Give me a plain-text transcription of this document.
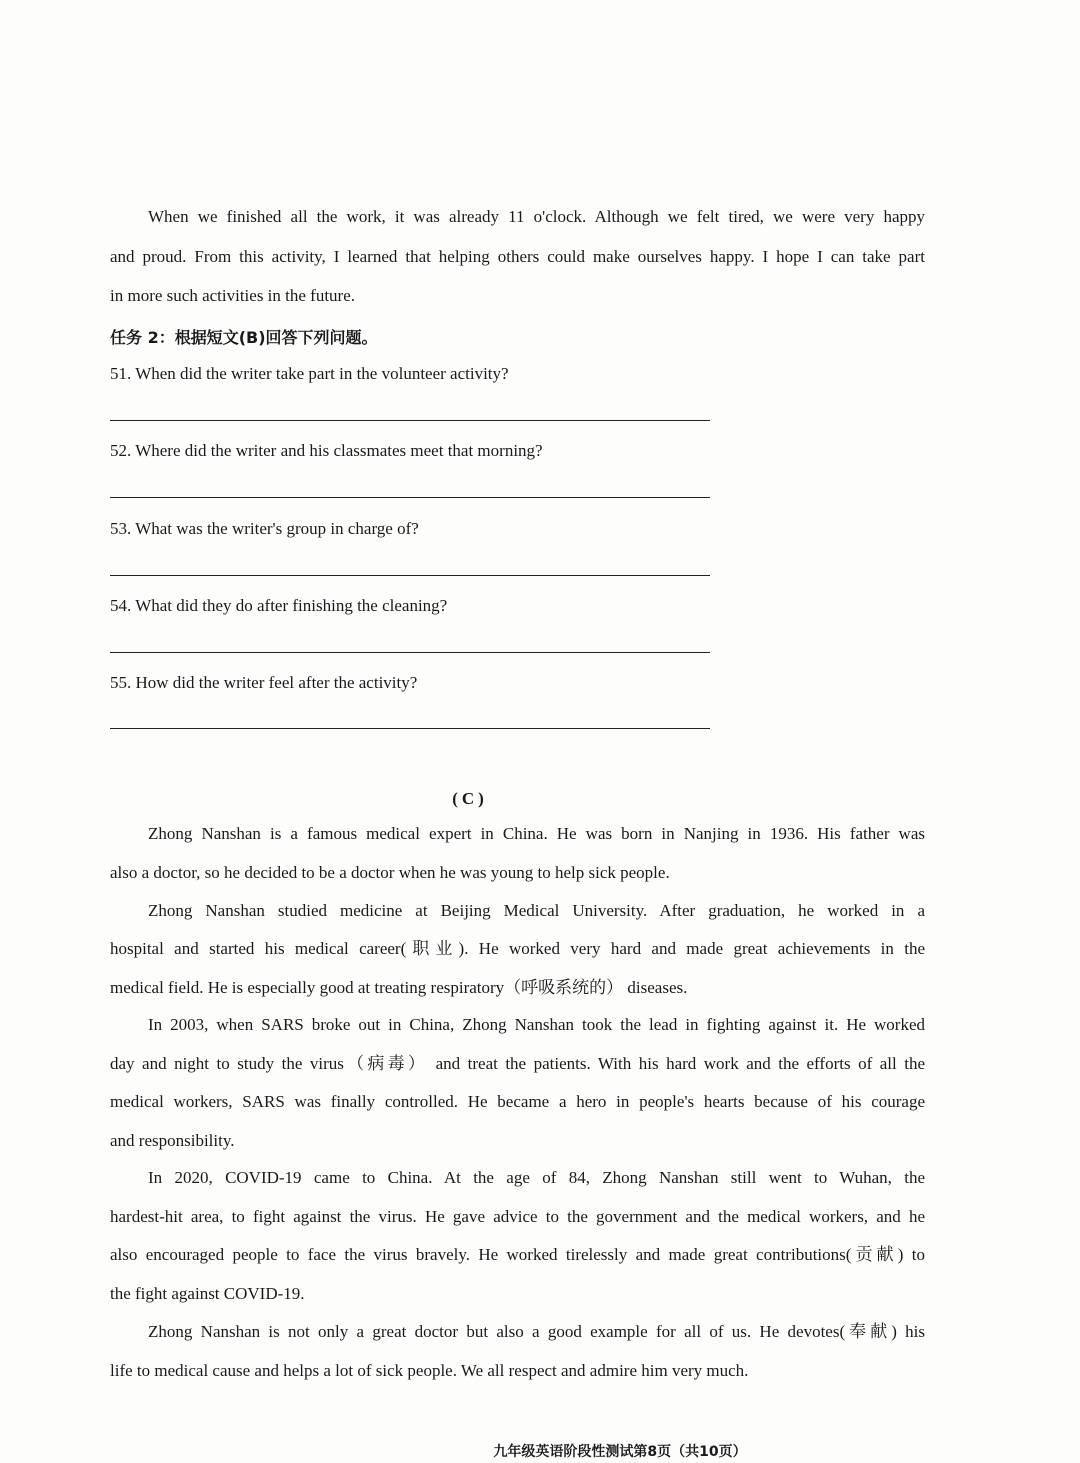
When we finished all the work, it was already 11 o'clock. Although we felt tired, we were very happy
and proud. From this activity, I learned that helping others could make ourselves happy. I hope I can take part
in more such activities in the future.
任务 2：根据短文(B)回答下列问题。
51. When did the writer take part in the volunteer activity?
52. Where did the writer and his classmates meet that morning?
53. What was the writer's group in charge of?
54. What did they do after finishing the cleaning?
55. How did the writer feel after the activity?
(C)
Zhong Nanshan is a famous medical expert in China. He was born in Nanjing in 1936. His father was
also a doctor, so he decided to be a doctor when he was young to help sick people.
Zhong Nanshan studied medicine at Beijing Medical University. After graduation, he worked in a
hospital and started his medical career(职业). He worked very hard and made great achievements in the
medical field. He is especially good at treating respiratory（呼吸系统的） diseases.
In 2003, when SARS broke out in China, Zhong Nanshan took the lead in fighting against it. He worked
day and night to study the virus（病毒） and treat the patients. With his hard work and the efforts of all the
medical workers, SARS was finally controlled. He became a hero in people's hearts because of his courage
and responsibility.
In 2020, COVID-19 came to China. At the age of 84, Zhong Nanshan still went to Wuhan, the
hardest-hit area, to fight against the virus. He gave advice to the government and the medical workers, and he
also encouraged people to face the virus bravely. He worked tirelessly and made great contributions(贡献) to
the fight against COVID-19.
Zhong Nanshan is not only a great doctor but also a good example for all of us. He devotes(奉献) his
life to medical cause and helps a lot of sick people. We all respect and admire him very much.
九年级英语阶段性测试第8页（共10页）
